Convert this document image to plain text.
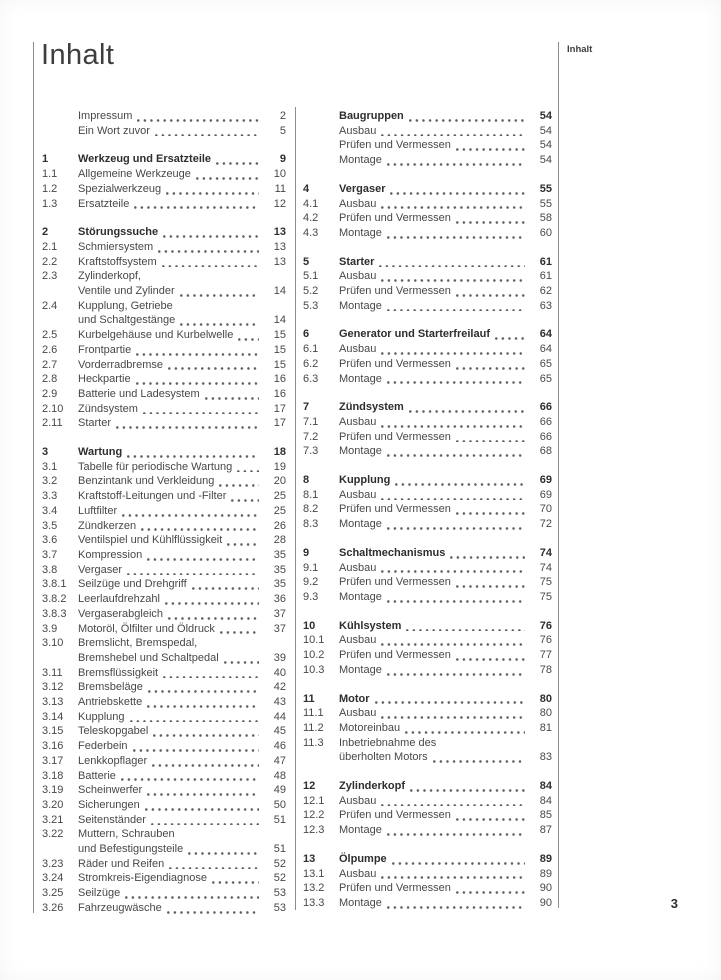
Inhalt	Inhalt
Impressum	2
Ein Wort zuvor	5
1	Werkzeug und Ersatzteile	9
1.1	Allgemeine Werkzeuge	10
1.2	Spezialwerkzeug	11
1.3	Ersatzteile	12
2	Störungssuche	13
2.1	Schmiersystem	13
2.2	Kraftstoffsystem	13
2.3	Zylinderkopf,
Ventile und Zylinder	14
2.4	Kupplung, Getriebe
und Schaltgestänge	14
2.5	Kurbelgehäuse und Kurbelwelle	15
2.6	Frontpartie	15
2.7	Vorderradbremse	15
2.8	Heckpartie	16
2.9	Batterie und Ladesystem	16
2.10	Zündsystem	17
2.11	Starter	17
3	Wartung	18
3.1	Tabelle für periodische Wartung	19
3.2	Benzintank und Verkleidung	20
3.3	Kraftstoff-Leitungen und -Filter	25
3.4	Luftfilter	25
3.5	Zündkerzen	26
3.6	Ventilspiel und Kühlflüssigkeit	28
3.7	Kompression	35
3.8	Vergaser	35
3.8.1	Seilzüge und Drehgriff	35
3.8.2	Leerlaufdrehzahl	36
3.8.3	Vergaserabgleich	37
3.9	Motoröl, Ölfilter und Öldruck	37
3.10	Bremslicht, Bremspedal,
Bremshebel und Schaltpedal	39
3.11	Bremsflüssigkeit	40
3.12	Bremsbeläge	42
3.13	Antriebskette	43
3.14	Kupplung	44
3.15	Teleskopgabel	45
3.16	Federbein	46
3.17	Lenkkopflager	47
3.18	Batterie	48
3.19	Scheinwerfer	49
3.20	Sicherungen	50
3.21	Seitenständer	51
3.22	Muttern, Schrauben
und Befestigungsteile	51
3.23	Räder und Reifen	52
3.24	Stromkreis-Eigendiagnose	52
3.25	Seilzüge	53
3.26	Fahrzeugwäsche	53
Baugruppen	54
Ausbau	54
Prüfen und Vermessen	54
Montage	54
4	Vergaser	55
4.1	Ausbau	55
4.2	Prüfen und Vermessen	58
4.3	Montage	60
5	Starter	61
5.1	Ausbau	61
5.2	Prüfen und Vermessen	62
5.3	Montage	63
6	Generator und Starterfreilauf	64
6.1	Ausbau	64
6.2	Prüfen und Vermessen	65
6.3	Montage	65
7	Zündsystem	66
7.1	Ausbau	66
7.2	Prüfen und Vermessen	66
7.3	Montage	68
8	Kupplung	69
8.1	Ausbau	69
8.2	Prüfen und Vermessen	70
8.3	Montage	72
9	Schaltmechanismus	74
9.1	Ausbau	74
9.2	Prüfen und Vermessen	75
9.3	Montage	75
10	Kühlsystem	76
10.1	Ausbau	76
10.2	Prüfen und Vermessen	77
10.3	Montage	78
11	Motor	80
11.1	Ausbau	80
11.2	Motoreinbau	81
11.3	Inbetriebnahme des
überholten Motors	83
12	Zylinderkopf	84
12.1	Ausbau	84
12.2	Prüfen und Vermessen	85
12.3	Montage	87
13	Ölpumpe	89
13.1	Ausbau	89
13.2	Prüfen und Vermessen	90
13.3	Montage	90	3
